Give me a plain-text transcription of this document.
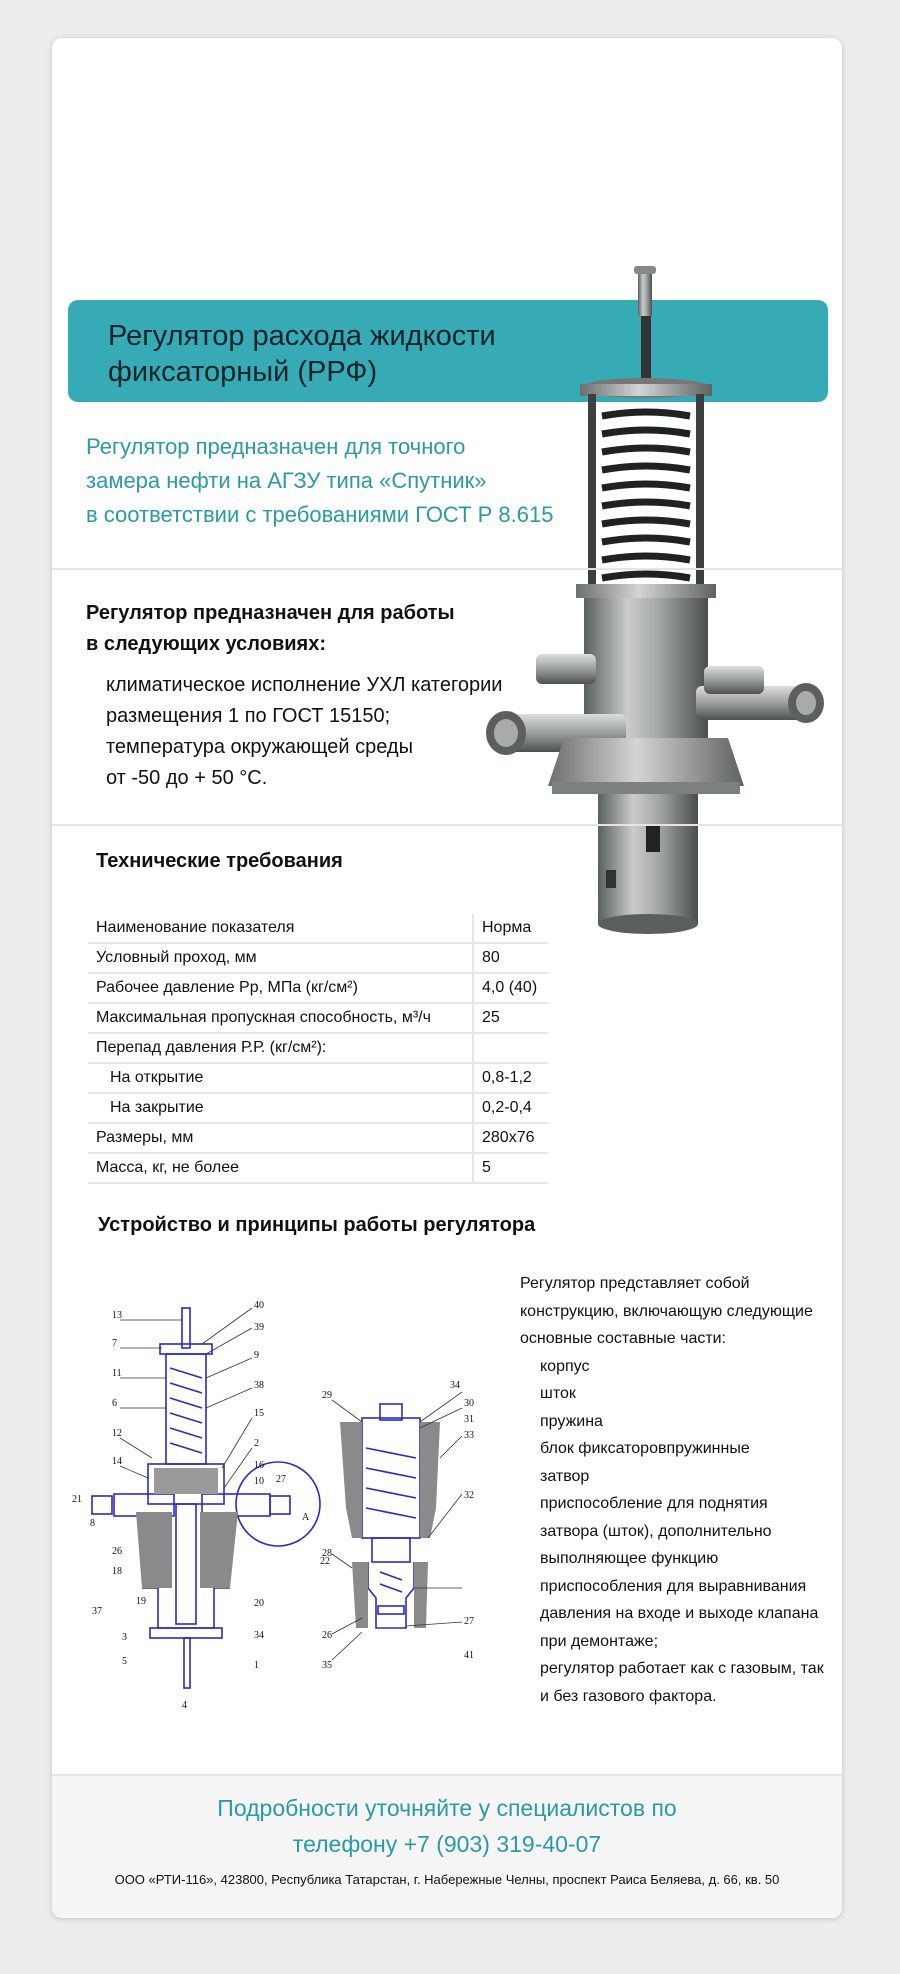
Регулятор расхода жидкости
фиксаторный (РРФ)
Регулятор предназначен для точного
замера нефти на АГЗУ типа «Спутник»
в соответствии с требованиями ГОСТ Р 8.615
Регулятор предназначен для работы
в следующих условиях:
климатическое исполнение УХЛ категории
размещения 1 по ГОСТ 15150;
температура окружающей среды
от -50 до + 50 °С.
Технические требования
Наименование показателя	Норма
Условный проход, мм	80
Рабочее давление Рр, МПа (кг/см²)	4,0 (40)
Максимальная пропускная способность, м³/ч	25
Перепад давления Р.Р. (кг/см²):	
На открытие	0,8-1,2
На закрытие	0,2-0,4
Размеры, мм	280х76
Масса, кг, не более	5
Устройство и принципы работы регулятора
13
40
7
39
11
9
6
38
12
15
14
2
21
16
8
10
26
27
18
A
37
22
19	20
3	34
5	1
4
29
34
30
31
33
32
28
27
26
41
35
Регулятор представляет собой
конструкцию, включающую следующие
основные составные части:
корпус
шток
пружина
блок фиксаторовпружинные
затвор
приспособление для поднятия
затвора (шток), дополнительно
выполняющее функцию
приспособления для выравнивания
давления на входе и выходе клапана
при демонтаже;
регулятор работает как с газовым, так
и без газового фактора.
Подробности уточняйте у специалистов по
телефону +7 (903) 319-40-07
ООО «РТИ-116», 423800, Республика Татарстан, г. Набережные Челны, проспект Раиса Беляева, д. 66, кв. 50
